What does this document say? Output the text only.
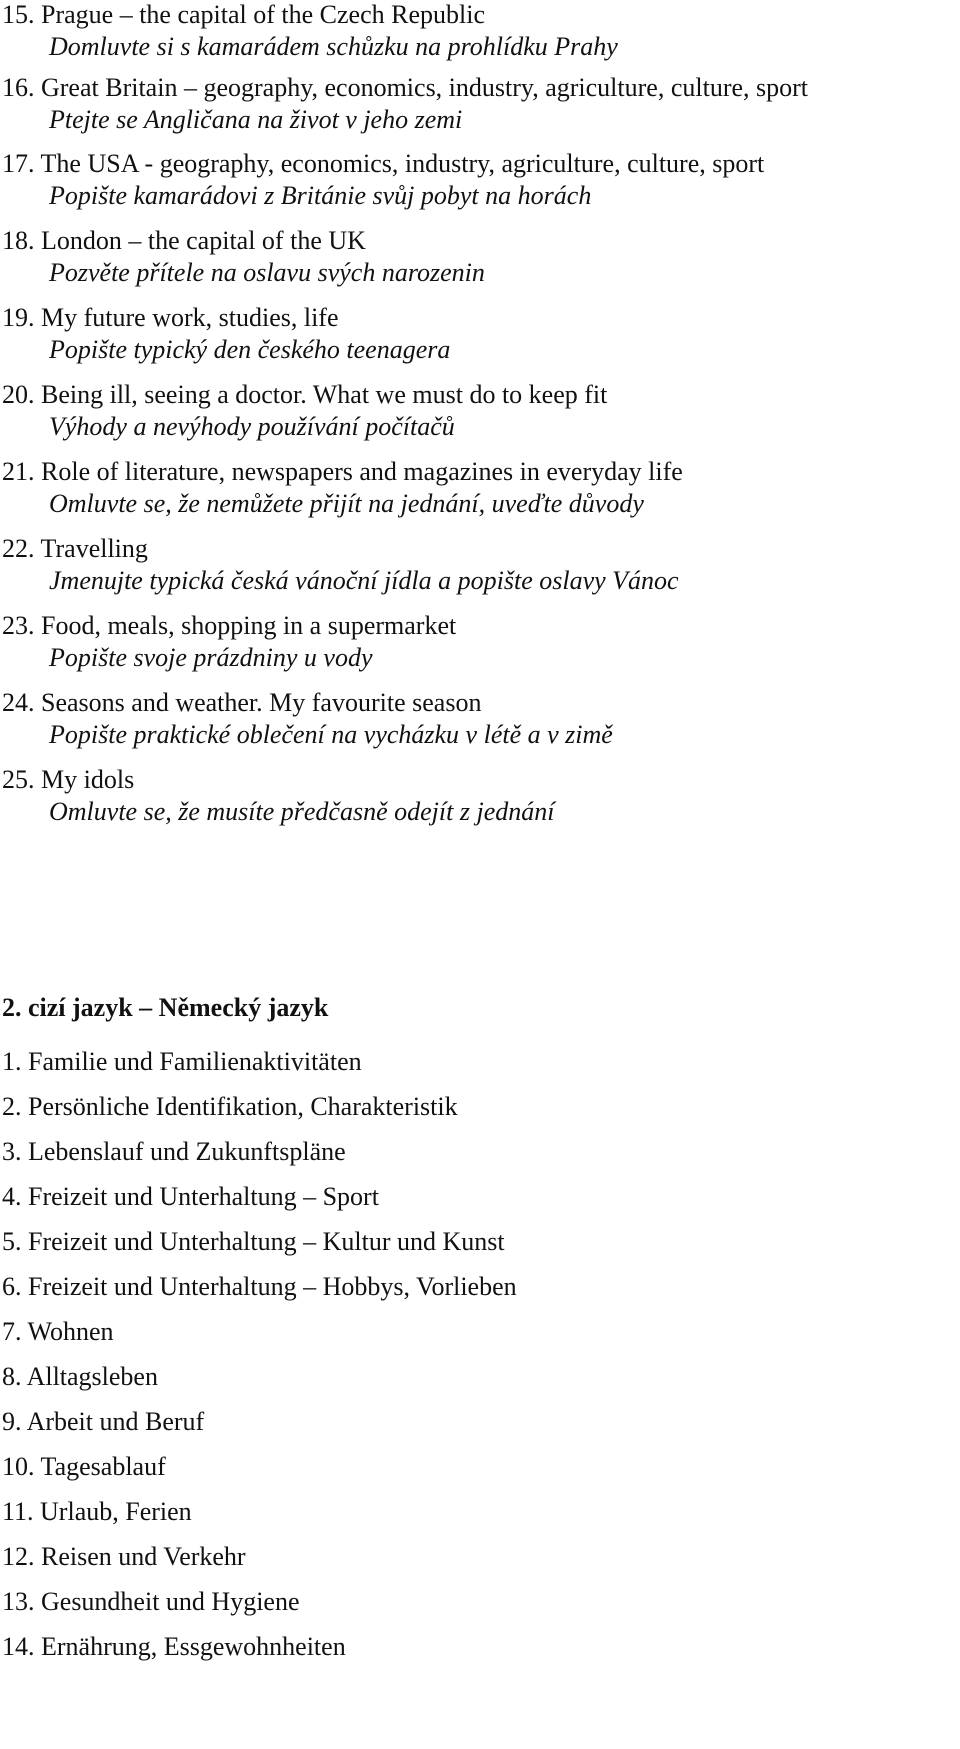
15. Prague – the capital of the Czech Republic
Domluvte si s kamarádem schůzku na prohlídku Prahy
16. Great Britain – geography, economics, industry, agriculture, culture, sport
Ptejte se Angličana na život v jeho zemi
17. The USA - geography, economics, industry, agriculture, culture, sport
Popište kamarádovi z Británie svůj pobyt na horách
18. London – the capital of the UK
Pozvěte přítele na oslavu svých narozenin
19. My future work, studies, life
Popište typický den českého teenagera
20. Being ill, seeing a doctor. What we must do to keep fit
Výhody a nevýhody používání počítačů
21. Role of literature, newspapers and magazines in everyday life
Omluvte se, že nemůžete přijít na jednání, uveďte důvody
22. Travelling
Jmenujte typická česká vánoční jídla a popište oslavy Vánoc
23. Food, meals, shopping in a supermarket
Popište svoje prázdniny u vody
24. Seasons and weather. My favourite season
Popište praktické oblečení na vycházku v létě a v zimě
25. My idols
Omluvte se, že musíte předčasně odejít z jednání
2. cizí jazyk – Německý jazyk
1. Familie und Familienaktivitäten
2. Persönliche Identifikation, Charakteristik
3. Lebenslauf und Zukunftspläne
4. Freizeit und Unterhaltung – Sport
5. Freizeit und Unterhaltung – Kultur und Kunst
6. Freizeit und Unterhaltung – Hobbys, Vorlieben
7. Wohnen
8. Alltagsleben
9. Arbeit und Beruf
10. Tagesablauf
11. Urlaub, Ferien
12. Reisen und Verkehr
13. Gesundheit und Hygiene
14. Ernährung, Essgewohnheiten
